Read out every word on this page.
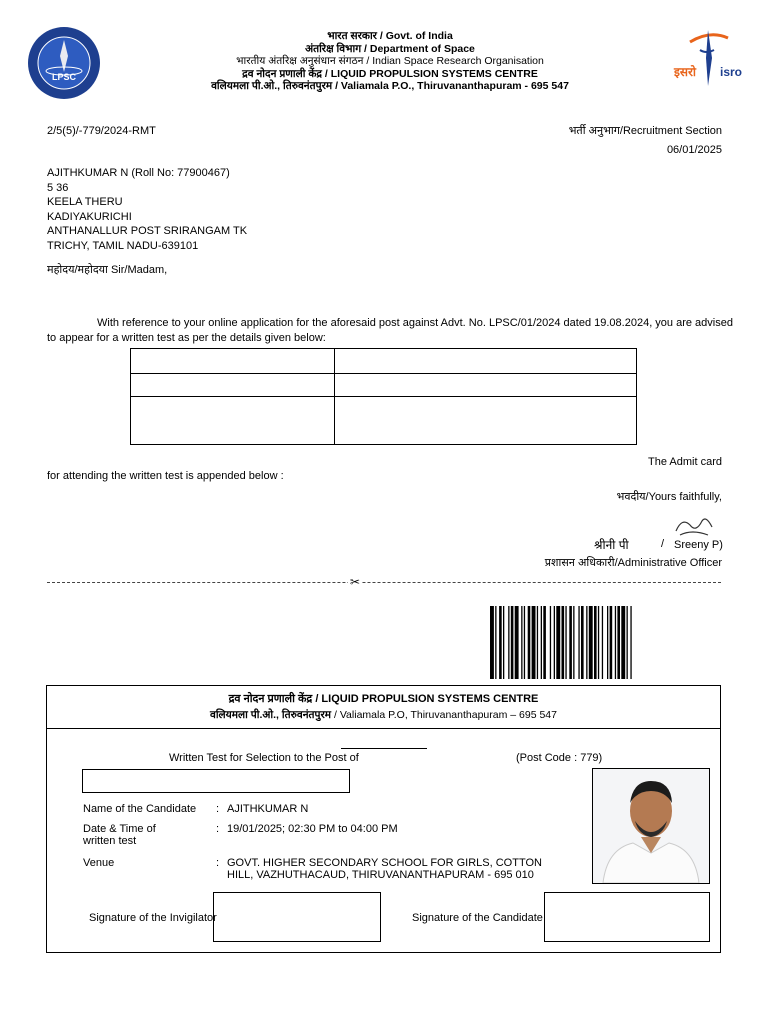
LPSC
भारत सरकार / Govt. of India
अंतरिक्ष विभाग / Department of Space
भारतीय अंतरिक्ष अनुसंधान संगठन / Indian Space Research Organisation
द्रव नोदन प्रणाली केंद्र / LIQUID PROPULSION SYSTEMS CENTRE
वलियमला पी.ओ., तिरुवनंतपुरम / Valiamala P.O., Thiruvananthapuram - 695 547
इसरो isro
2/5(5)/-779/2024-RMT	भर्ती अनुभाग/Recruitment Section
06/01/2025
AJITHKUMAR N (Roll No: 77900467)
5 36
KEELA THERU
KADIYAKURICHI
ANTHANALLUR POST SRIRANGAM TK
TRICHY, TAMIL NADU-639101
महोदय/महोदया Sir/Madam,
With reference to your online application for the aforesaid post against Advt. No. LPSC/01/2024 dated 19.08.2024, you are advised
to appear for a written test as per the details given below:
The Admit card
for attending the written test is appended below :
भवदीय/Yours faithfully,
श्रीनी पी	/ Sreeny P)
प्रशासन अधिकारी/Administrative Officer
✂
द्रव नोदन प्रणाली केंद्र / LIQUID PROPULSION SYSTEMS CENTRE
वलियमला पी.ओ., तिरुवनंतपुरम / Valiamala P.O, Thiruvananthapuram – 695 547
Written Test for Selection to the Post of	(Post Code : 779)
Name of the Candidate : AJITHKUMAR N
Date & Time of written test
: 19/01/2025; 02:30 PM to 04:00 PM
Venue	: GOVT. HIGHER SECONDARY SCHOOL FOR GIRLS, COTTON HILL, VAZHUTHACAUD, THIRUVANANTHAPURAM - 695 010
Signature of the Invigilator	Signature of the Candidate
